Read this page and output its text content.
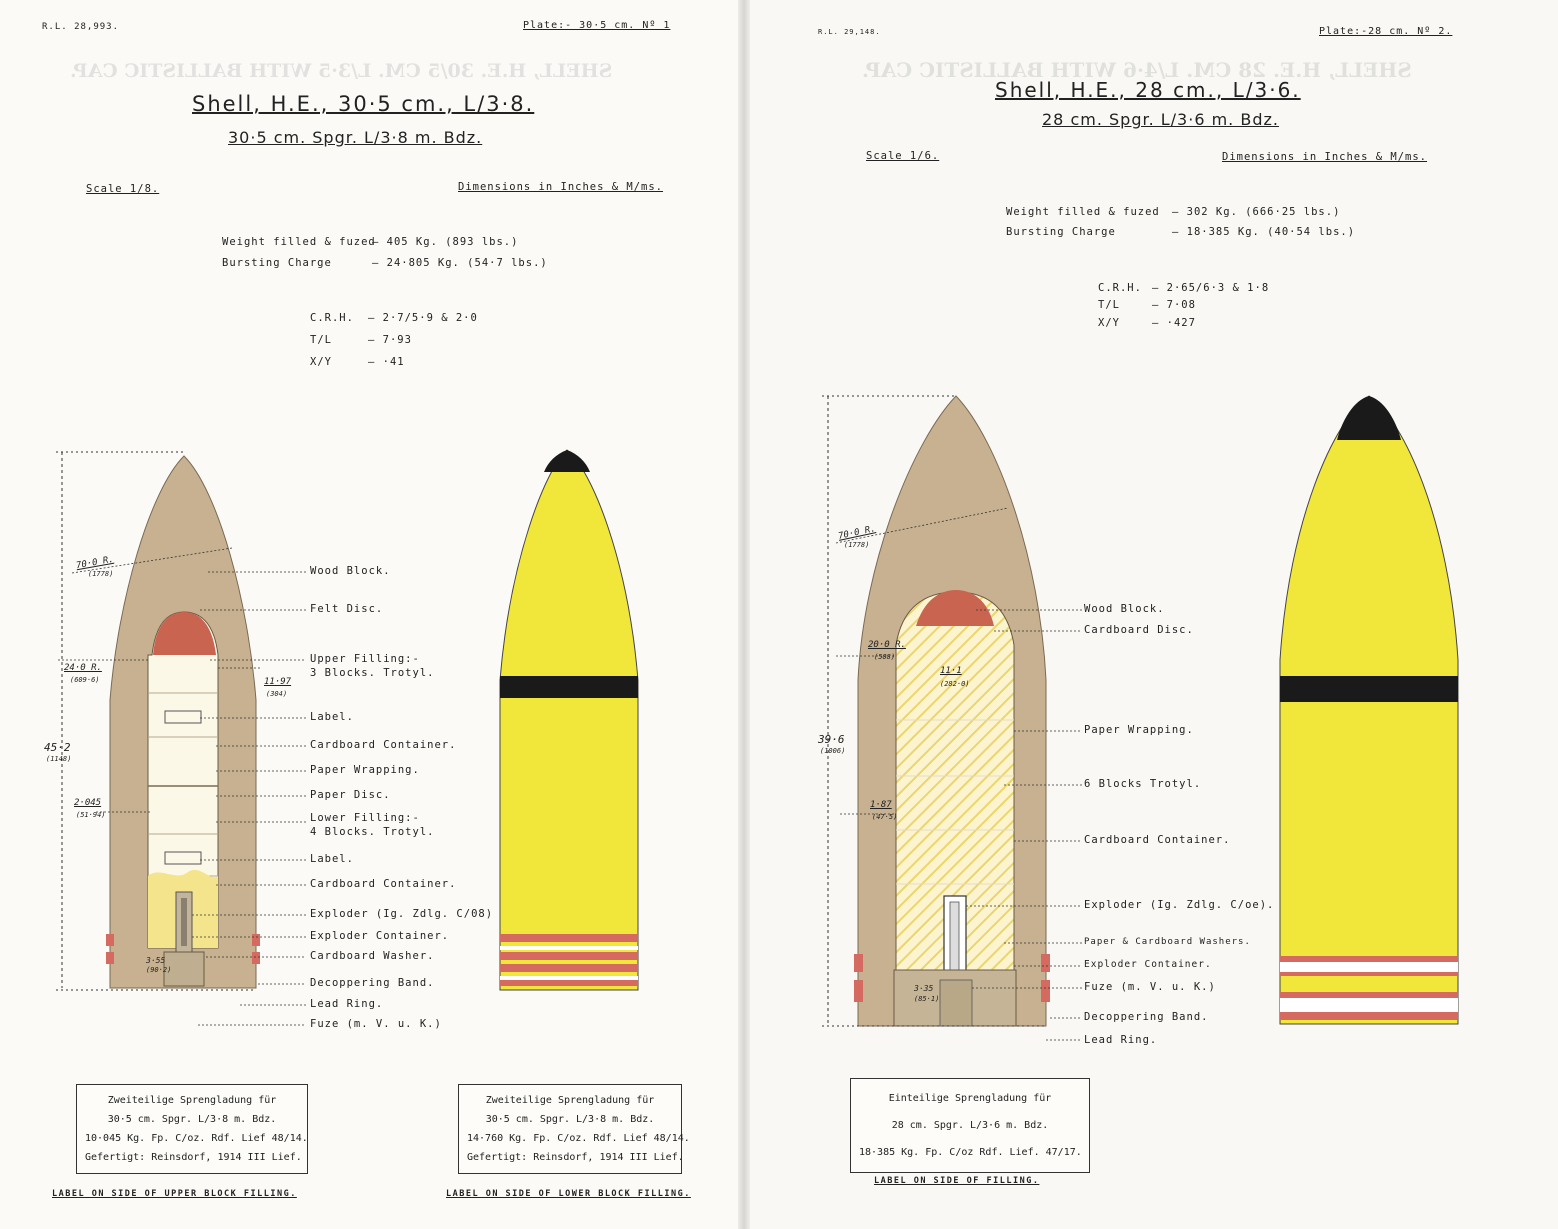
SHELL, H.E. 30/5 CM. L/3·5 WITH BALLISTIC CAP.
R.L. 28,993.	Plate:- 30·5 cm. Nº 1
Shell, H.E., 30·5 cm., L/3·8.
30·5 cm. Spgr. L/3·8 m. Bdz.
Scale 1/8.	Dimensions in Inches & M/ms.
Weight filled & fuzed
— 405 Kg. (893 lbs.)
Bursting Charge	— 24·805 Kg. (54·7 lbs.)
C.R.H. — 2·7/5·9 & 2·0
T/L	— 7·93
X/Y	— ·41
70·0 R.
(1778)
24·0 R.
(609·6)	11·97
(304)
45·2
(1148)
2·045
(51·94)
3·55
(90·2)
Wood Block.
Felt Disc.
Upper Filling:-
3 Blocks. Trotyl.
Label.
Cardboard Container.
Paper Wrapping.
Paper Disc.
Lower Filling:-
4 Blocks. Trotyl.
Label.
Cardboard Container.
Exploder (Ig. Zdlg. C/08)
Exploder Container.
Cardboard Washer.
Decoppering Band.
Lead Ring.
Fuze (m. V. u. K.)
Zweiteilige Sprengladung für
30·5 cm. Spgr. L/3·8 m. Bdz.
10·045 Kg. Fp. C/oz. Rdf. Lief 48/14.
Gefertigt: Reinsdorf, 1914 III Lief.
Zweiteilige Sprengladung für
30·5 cm. Spgr. L/3·8 m. Bdz.
14·760 Kg. Fp. C/oz. Rdf. Lief 48/14.
Gefertigt: Reinsdorf, 1914 III Lief.
LABEL ON SIDE OF UPPER BLOCK FILLING.	LABEL ON SIDE OF LOWER BLOCK FILLING.
SHELL, H.E. 28 CM. L/4·6 WITH BALLISTIC CAP.
R.L. 29,148.	Plate:-28 cm. Nº 2.
Shell, H.E., 28 cm., L/3·6.
28 cm. Spgr. L/3·6 m. Bdz.
Scale 1/6.	Dimensions in Inches & M/ms.
Weight filled & fuzed — 302 Kg. (666·25 lbs.)
Bursting Charge	— 18·385 Kg. (40·54 lbs.)
C.R.H. — 2·65/6·3 & 1·8
T/L	— 7·08
X/Y	— ·427
70·0 R.
(1778)
20·0 R.
(508)
11·1
(282·0)
39·6
(1006)
1·87
(47·5)
3·35
(85·1)
Wood Block.
Cardboard Disc.
Paper Wrapping.
6 Blocks Trotyl.
Cardboard Container.
Exploder (Ig. Zdlg. C/oe).
Paper & Cardboard Washers.
Exploder Container.
Fuze (m. V. u. K.)
Decoppering Band.
Lead Ring.
Einteilige Sprengladung für
28 cm. Spgr. L/3·6 m. Bdz.
18·385 Kg. Fp. C/oz Rdf. Lief. 47/17.
LABEL ON SIDE OF FILLING.
